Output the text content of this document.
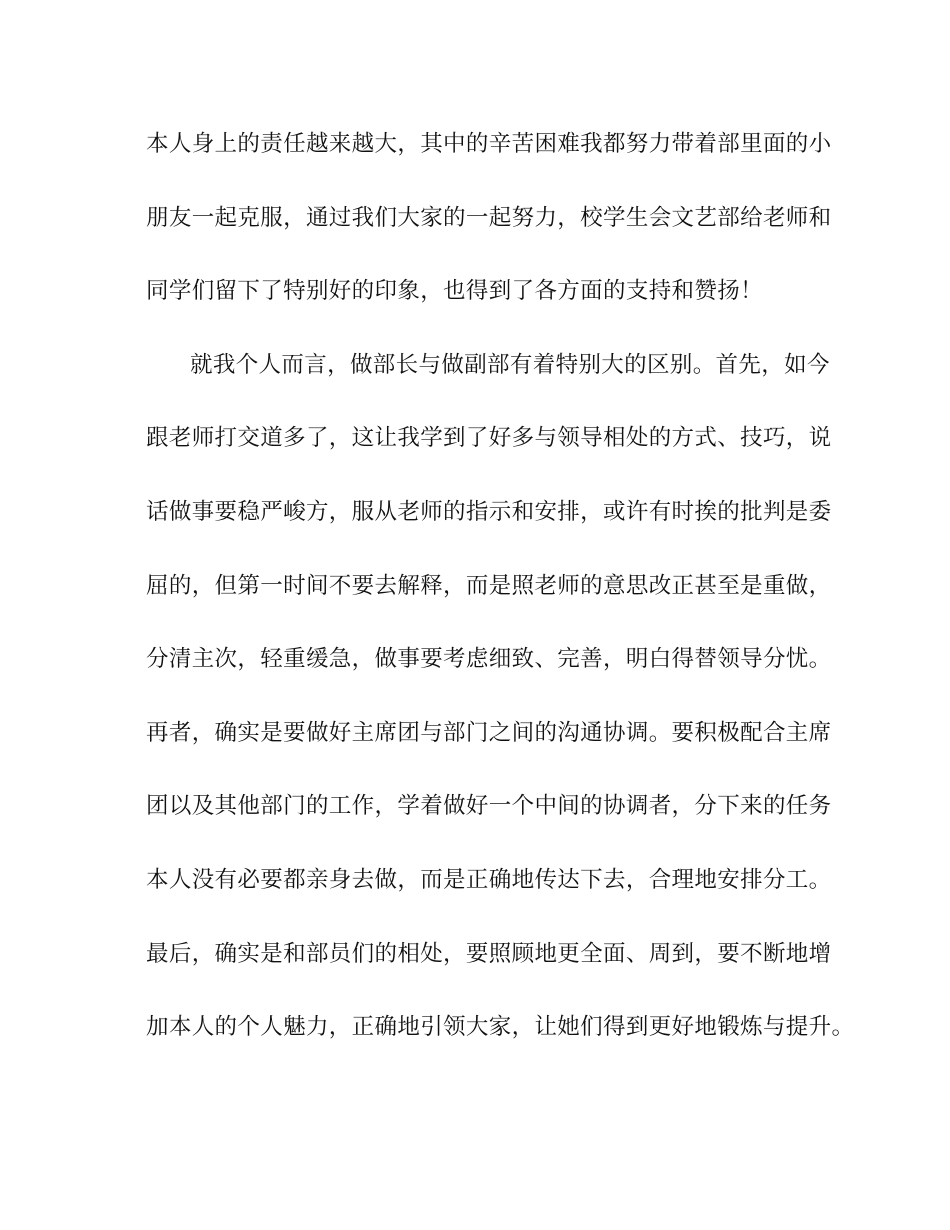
本人身上的责任越来越大，其中的辛苦困难我都努力带着部里面的小
朋友一起克服，通过我们大家的一起努力，校学生会文艺部给老师和
同学们留下了特别好的印象，也得到了各方面的支持和赞扬！
就我个人而言，做部长与做副部有着特别大的区别。首先，如今
跟老师打交道多了，这让我学到了好多与领导相处的方式、技巧，说
话做事要稳严峻方，服从老师的指示和安排，或许有时挨的批判是委
屈的，但第一时间不要去解释，而是照老师的意思改正甚至是重做，
分清主次，轻重缓急，做事要考虑细致、完善，明白得替领导分忧。
再者，确实是要做好主席团与部门之间的沟通协调。要积极配合主席
团以及其他部门的工作，学着做好一个中间的协调者，分下来的任务
本人没有必要都亲身去做，而是正确地传达下去，合理地安排分工。
最后，确实是和部员们的相处，要照顾地更全面、周到，要不断地增
加本人的个人魅力，正确地引领大家，让她们得到更好地锻炼与提升。
